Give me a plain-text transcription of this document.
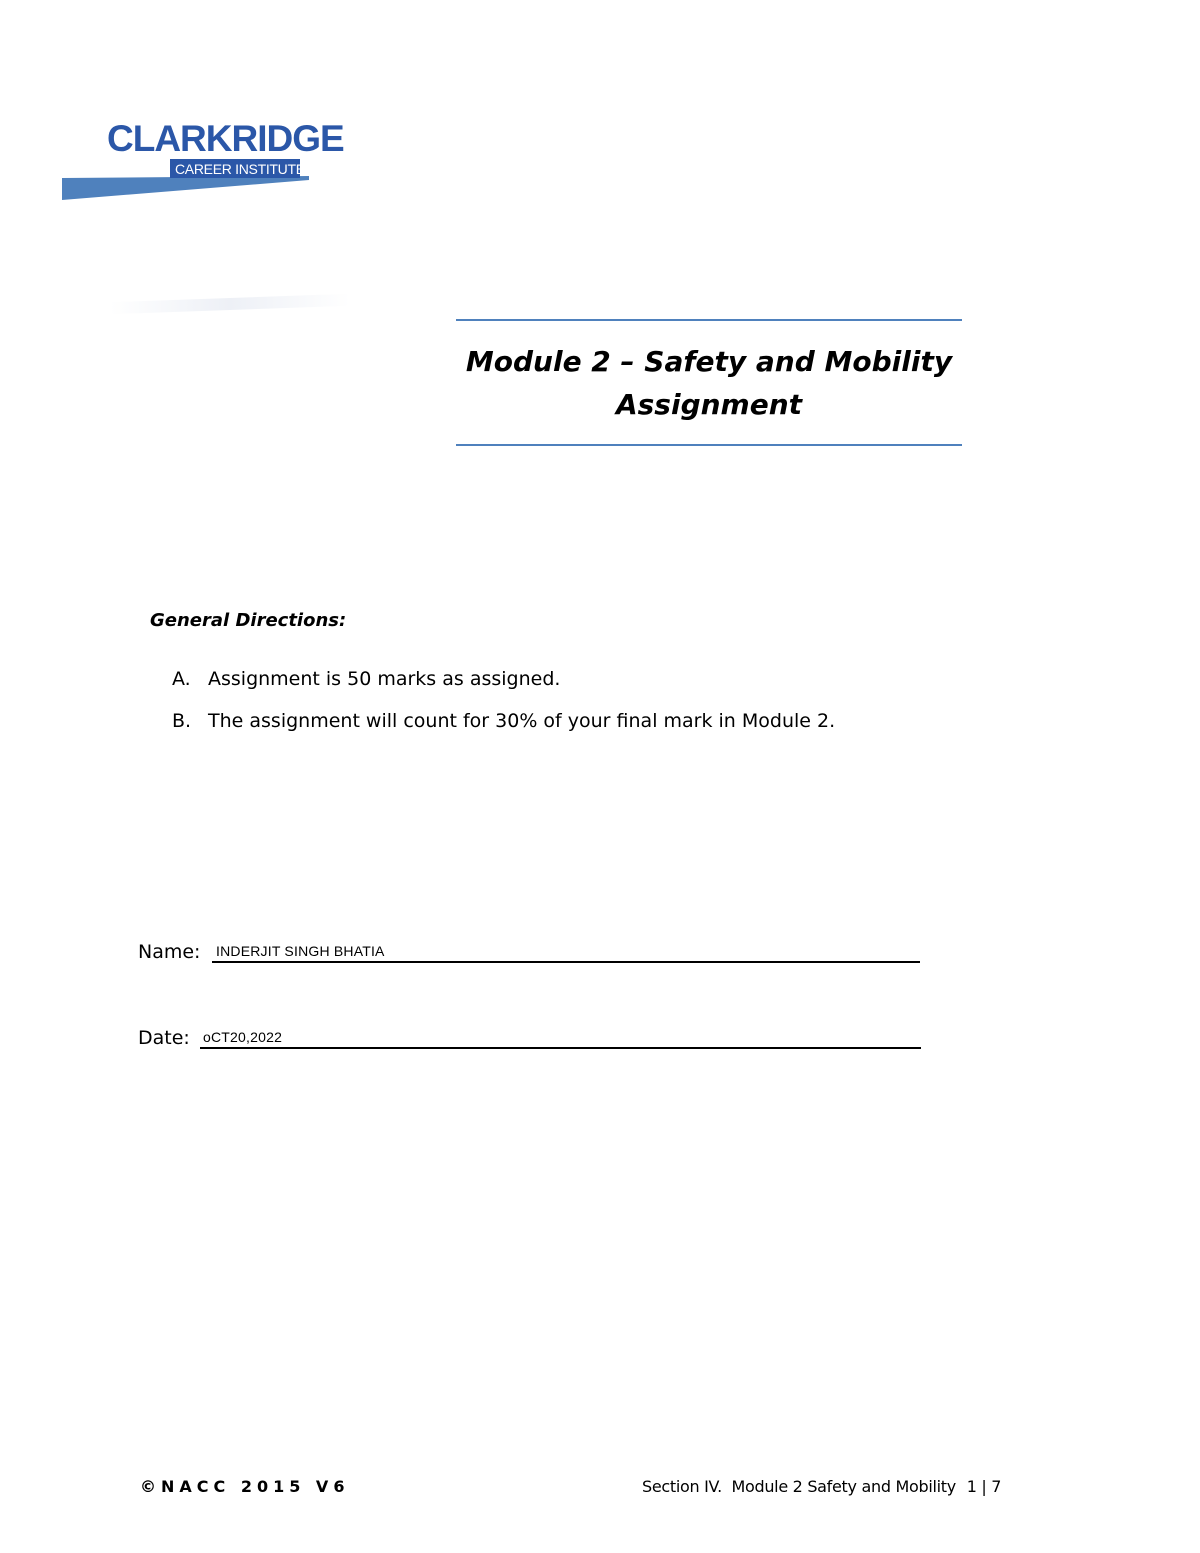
CLARKRIDGE
CAREER INSTITUTE
Module 2 – Safety and Mobility
Assignment
General Directions:
A. Assignment is 50 marks as assigned.
B. The assignment will count for 30% of your final mark in Module 2.
Name: INDERJIT SINGH BHATIA
Date: oCT20,2022
©NACC 2015 V6	Section IV.  Module 2 Safety and Mobility 1 | 7
